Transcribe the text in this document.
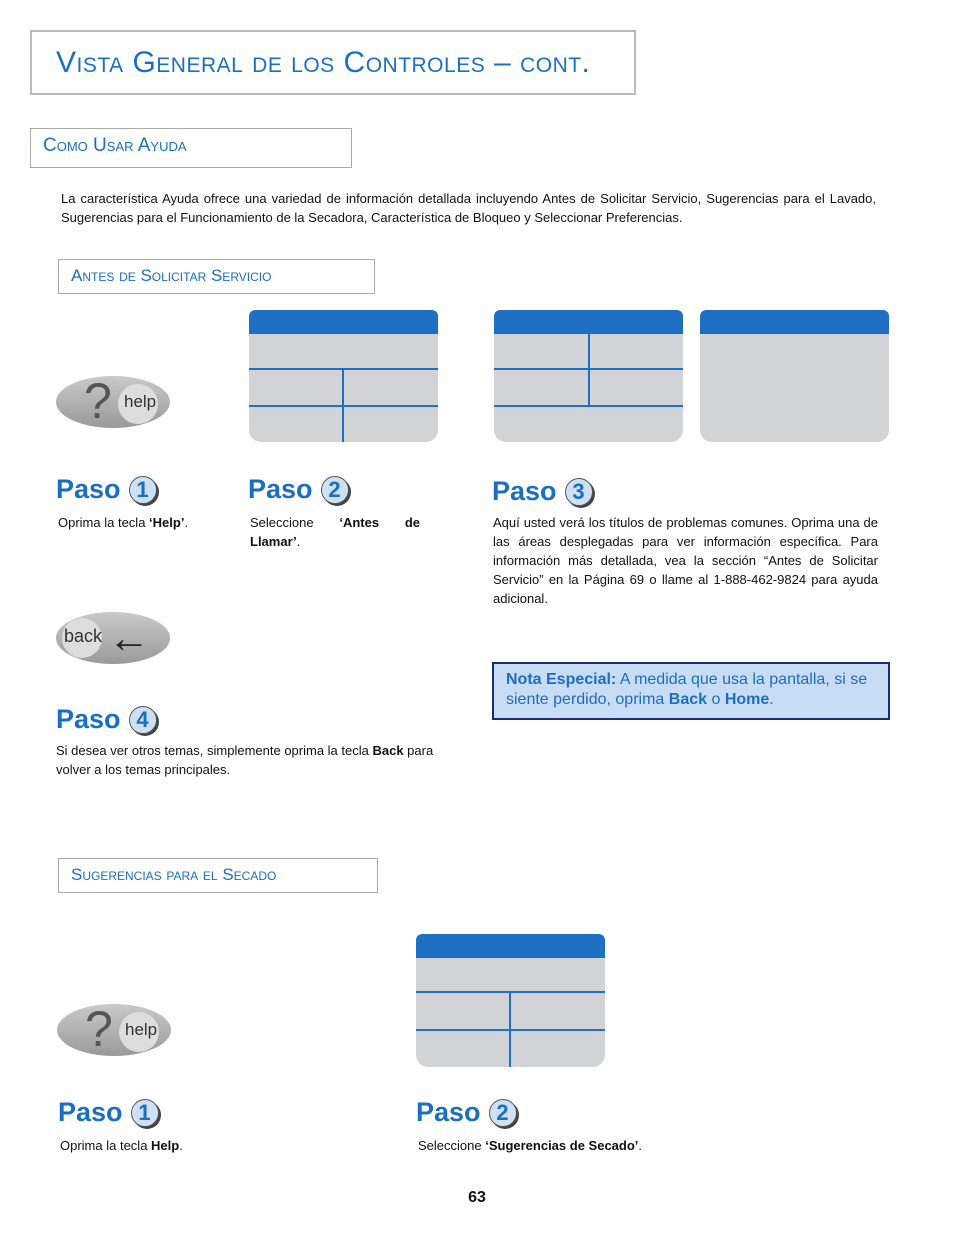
Vista General de los Controles – cont.
Como Usar Ayuda
La característica Ayuda ofrece una variedad de información detallada incluyendo Antes de Solicitar Servicio, Sugerencias para el Lavado, Sugerencias para el Funcionamiento de la Secadora, Característica de Bloqueo y Seleccionar Preferencias.
Antes de Solicitar Servicio
? help
Paso 1
Oprima la tecla ‘Help’.
Paso 2
Seleccione ‘Antes de Llamar’.
Paso 3
Aquí usted verá los títulos de problemas comunes. Oprima una de las áreas desplegadas para ver información específica. Para información más detallada, vea la sección “Antes de Solicitar Servicio” en la Página 69 o llame al 1-888-462-9824 para ayuda adicional.
back ←
Paso 4
Si desea ver otros temas, simplemente oprima la tecla Back para volver a los temas principales.
Nota Especial: A medida que usa la pantalla, si se siente perdido, oprima Back o Home.
Sugerencias para el Secado
? help
Paso 1
Oprima la tecla Help.
Paso 2
Seleccione ‘Sugerencias de Secado’.
63
